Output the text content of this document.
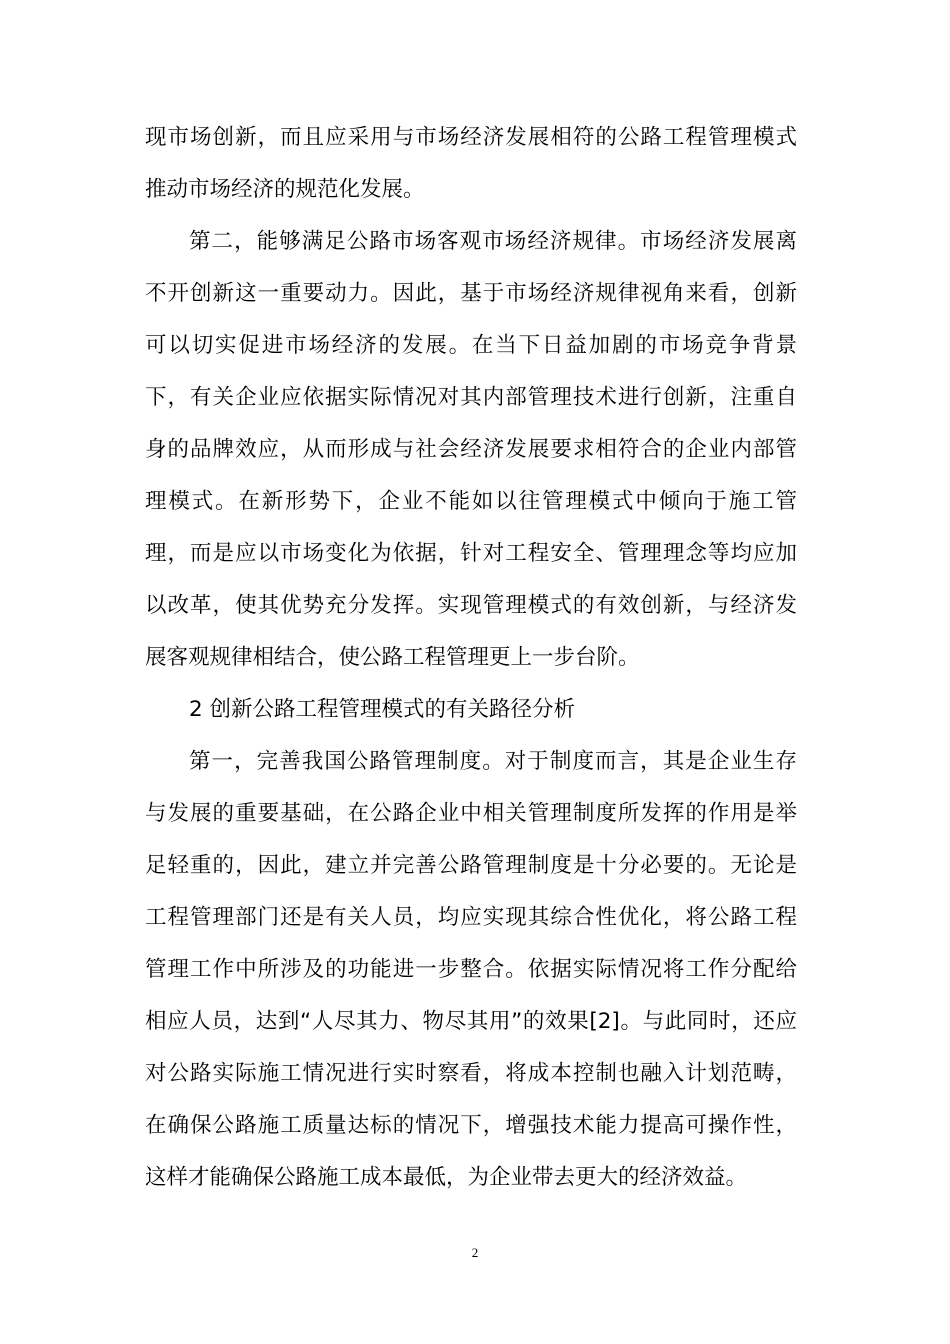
现市场创新，而且应采用与市场经济发展相符的公路工程管理模式
推动市场经济的规范化发展。
第二，能够满足公路市场客观市场经济规律。市场经济发展离
不开创新这一重要动力。因此，基于市场经济规律视角来看，创新
可以切实促进市场经济的发展。在当下日益加剧的市场竞争背景
下，有关企业应依据实际情况对其内部管理技术进行创新，注重自
身的品牌效应，从而形成与社会经济发展要求相符合的企业内部管
理模式。在新形势下，企业不能如以往管理模式中倾向于施工管
理，而是应以市场变化为依据，针对工程安全、管理理念等均应加
以改革，使其优势充分发挥。实现管理模式的有效创新，与经济发
展客观规律相结合，使公路工程管理更上一步台阶。
2 创新公路工程管理模式的有关路径分析
第一，完善我国公路管理制度。对于制度而言，其是企业生存
与发展的重要基础，在公路企业中相关管理制度所发挥的作用是举
足轻重的，因此，建立并完善公路管理制度是十分必要的。无论是
工程管理部门还是有关人员，均应实现其综合性优化，将公路工程
管理工作中所涉及的功能进一步整合。依据实际情况将工作分配给
相应人员，达到“人尽其力、物尽其用”的效果[2]。与此同时，还应
对公路实际施工情况进行实时察看，将成本控制也融入计划范畴，
在确保公路施工质量达标的情况下，增强技术能力提高可操作性，
这样才能确保公路施工成本最低，为企业带去更大的经济效益。
2
